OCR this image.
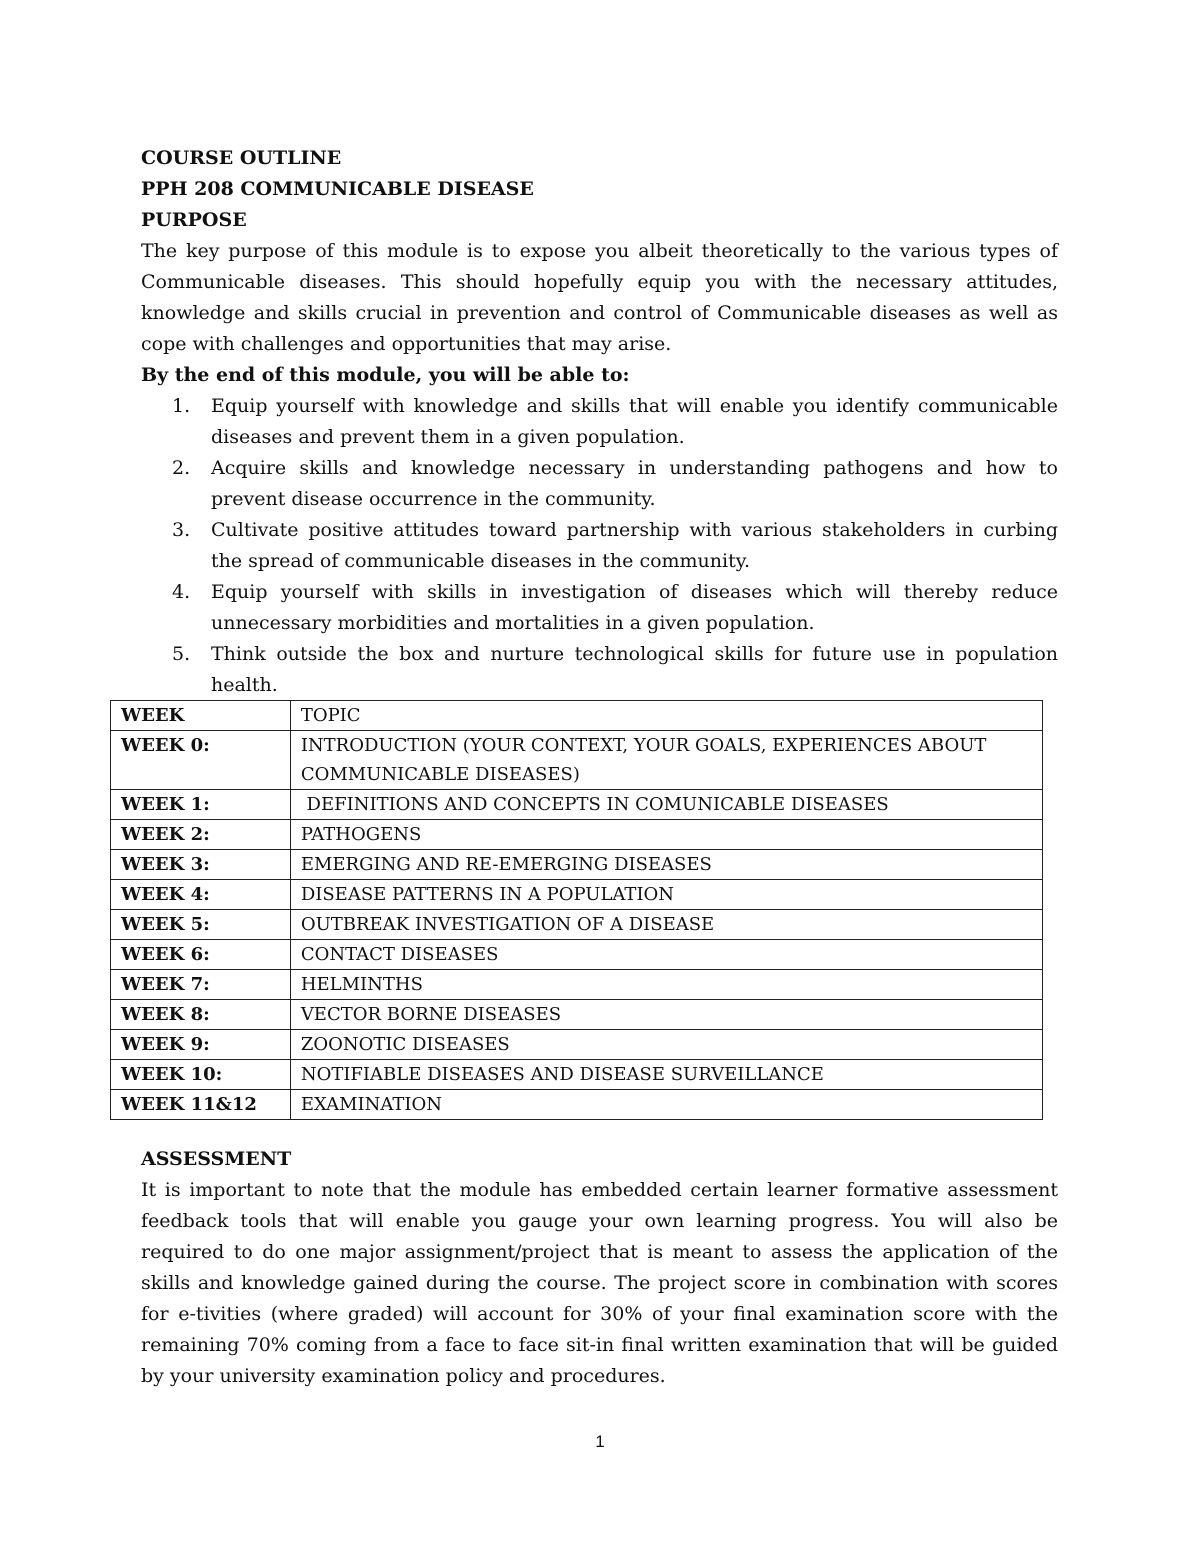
COURSE OUTLINE

PPH 208 COMMUNICABLE DISEASE

PURPOSE

The key purpose of this module is to expose you albeit theoretically to the various types of Communicable diseases. This should hopefully equip you with the necessary attitudes, knowledge and skills crucial in prevention and control of Communicable diseases as well as cope with challenges and opportunities that may arise.

By the end of this module, you will be able to:

1. Equip yourself with knowledge and skills that will enable you identify communicable diseases and prevent them in a given population.
2. Acquire skills and knowledge necessary in understanding pathogens and how to prevent disease occurrence in the community.
3. Cultivate positive attitudes toward partnership with various stakeholders in curbing the spread of communicable diseases in the community.
4. Equip yourself with skills in investigation of diseases which will thereby reduce unnecessary morbidities and mortalities in a given population.
5. Think outside the box and nurture technological skills for future use in population health.
WEEK	TOPIC
WEEK 0:	INTRODUCTION (YOUR CONTEXT, YOUR GOALS, EXPERIENCES ABOUT COMMUNICABLE DISEASES)
WEEK 1:	DEFINITIONS AND CONCEPTS IN COMUNICABLE DISEASES
WEEK 2:	PATHOGENS
WEEK 3:	EMERGING AND RE-EMERGING DISEASES
WEEK 4:	DISEASE PATTERNS IN A POPULATION
WEEK 5:	OUTBREAK INVESTIGATION OF A DISEASE
WEEK 6:	CONTACT DISEASES
WEEK 7:	HELMINTHS
WEEK 8:	VECTOR BORNE DISEASES
WEEK 9:	ZOONOTIC DISEASES
WEEK 10:	NOTIFIABLE DISEASES AND DISEASE SURVEILLANCE
WEEK 11&12	EXAMINATION

ASSESSMENT

It is important to note that the module has embedded certain learner formative assessment feedback tools that will enable you gauge your own learning progress. You will also be required to do one major assignment/project that is meant to assess the application of the skills and knowledge gained during the course. The project score in combination with scores for e-tivities (where graded) will account for 30% of your final examination score with the remaining 70% coming from a face to face sit-in final written examination that will be guided by your university examination policy and procedures.

1
